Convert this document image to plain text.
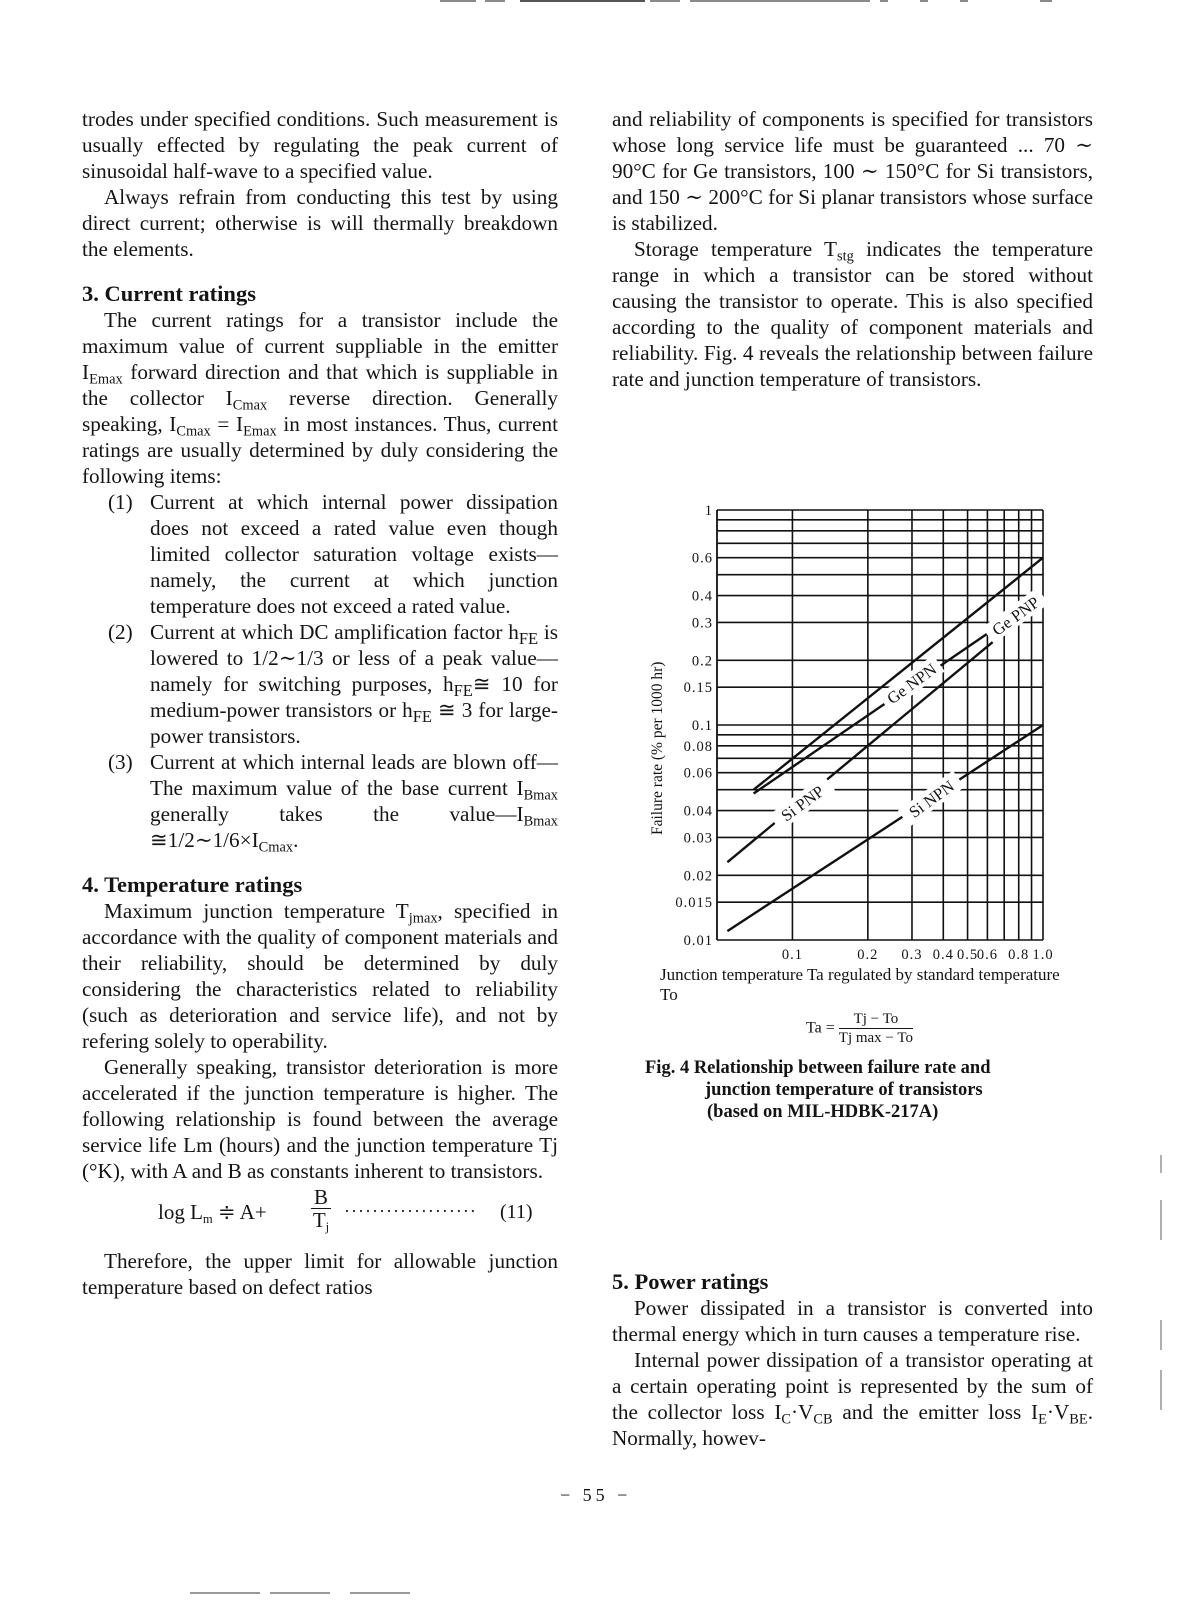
trodes under specified conditions. Such measurement is usually effected by regulating the peak current of sinusoidal half-wave to a specified value.

Always refrain from conducting this test by using direct current; otherwise is will thermally breakdown the elements.

3. Current ratings

The current ratings for a transistor include the maximum value of current suppliable in the emitter $I_{Emax}$ forward direction and that which is suppliable in the collector $I_{Cmax}$ reverse direction. Generally speaking, $I_{Cmax} = I_{Emax}$ in most instances. Thus, current ratings are usually determined by duly considering the following items:

(1) Current at which internal power dissipation does not exceed a rated value even though limited collector saturation voltage exists—namely, the current at which junction temperature does not exceed a rated value.
(2) Current at which DC amplification factor $h_{FE}$ is lowered to 1/2∼1/3 or less of a peak value—namely for switching purposes, $h_{FE}≅$ 10 for medium-power transistors or $h_{FE}$ ≅ 3 for large-power transistors.
(3) Current at which internal leads are blown off—The maximum value of the base current $I_{Bmax}$ generally takes the $value—I_{Bmax}$ $≅1/2\sim 1/6\times I_{Cmax}$.
4. Temperature ratings

Maximum junction temperature $T_{jmax}$, specified in accordance with the quality of component materials and their reliability, should be determined by duly considering the characteristics related to reliability (such as deterioration and service life), and not by refering solely to operability.

Generally speaking, transistor deterioration is more accelerated if the junction temperature is higher. The following relationship is found between the average service life Lm (hours) and the junction temperature Tj (°K), with A and B as constants inherent to transistors.

$\log L_m$ ≑ $A+ \frac{B}{T_j}$ ··················· (11)

Therefore, the upper limit for allowable junction temperature based on defect ratios

and reliability of components is specified for transistors whose long service life must be guaranteed ... 70 ∼ 90°C for Ge transistors, 100 ∼ 150°C for Si transistors, and 150 ∼ 200°C for Si planar transistors whose surface is stabilized.

Storage temperature $T_{stg}$ indicates the temperature range in which a transistor can be stored without causing the transistor to operate. This is also specified according to the quality of component materials and reliability. Fig. 4 reveals the relationship between failure rate and junction temperature of transistors.

5. Power ratings

Power dissipated in a transistor is converted into thermal energy which in turn causes a temperature rise.

Internal power dissipation of a transistor operating at a certain operating point is represented by the sum of the collector loss $I_C\cdot V_{CB}$ and the emitter loss $I_E\cdot V_{BE}$. Normally, howev-

0.01
0.015
0.02
0.03
0.04
0.06
0.08
0.1
0.15
0.2
0.3
0.4
0.6
1
0.1	0.2 0.3 0.4 0.5
0.6 0.8 1.0
Ge NPN
Ge PNP
Si PNP	Si NPN
Failure rate (% per 1000 hr)
Junction temperature Ta regulated by standard temperature To
$Ta = \frac{Tj - To}{\text{Tj max − To}}$
Fig. 4 Relationship between failure rate and
junction temperature of transistors
(based on MIL-HDBK-217A)
− 55 −
